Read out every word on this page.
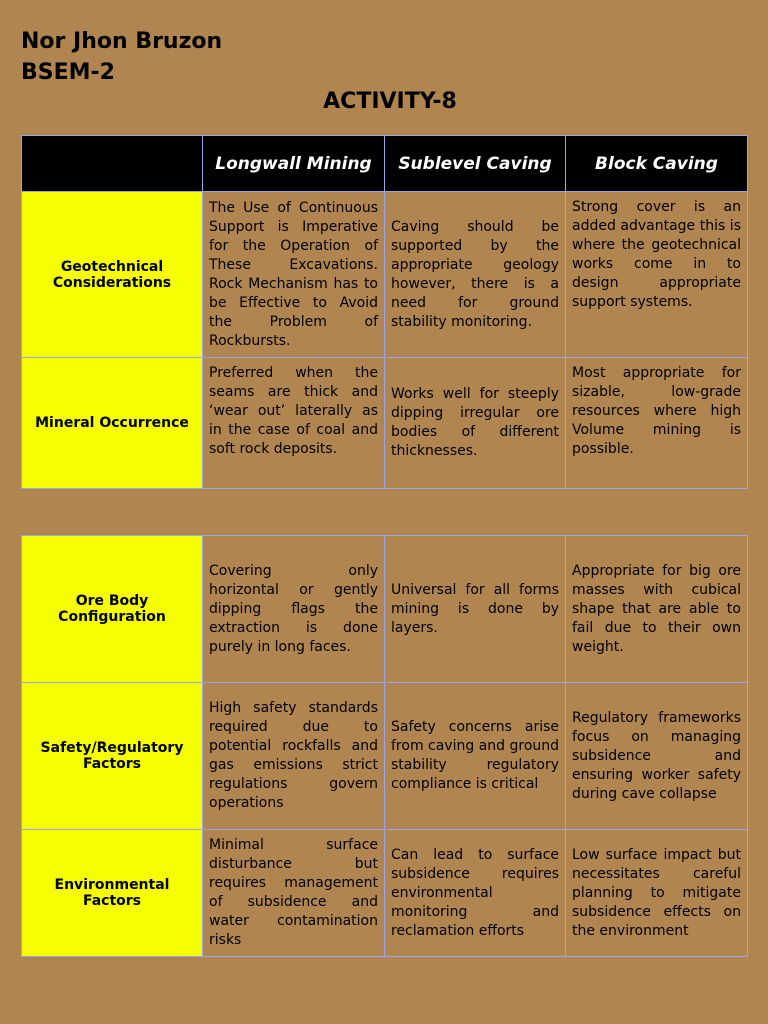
Nor Jhon Bruzon
BSEM-2
ACTIVITY-8
	Longwall Mining	Sublevel Caving	Block Caving
Geotechnical Considerations	The Use of Continuous Support is Imperative for the Operation of These Excavations. Rock Mechanism has to be Effective to Avoid the Problem of Rockbursts.	Caving should be supported by the appropriate geology however, there is a need for ground stability monitoring.	Strong cover is an added advantage this is where the geotechnical works come in to design appropriate support systems.
Mineral Occurrence	Preferred when the seams are thick and ‘wear out’ laterally as in the case of coal and soft rock deposits.	Works well for steeply dipping irregular ore bodies of different thicknesses.	Most appropriate for sizable, low-grade resources where high Volume mining is possible.
Ore Body Configuration	Covering only horizontal or gently dipping flags the extraction is done purely in long faces.	Universal for all forms mining is done by layers.	Appropriate for big ore masses with cubical shape that are able to fail due to their own weight.
Safety/Regulatory Factors	High safety standards required due to potential rockfalls and gas emissions strict regulations govern operations	Safety concerns arise from caving and ground stability regulatory compliance is critical	Regulatory frameworks focus on managing subsidence and ensuring worker safety during cave collapse
Environmental Factors	Minimal surface disturbance but requires management of subsidence and water contamination risks	Can lead to surface subsidence requires environmental monitoring and reclamation efforts	Low surface impact but necessitates careful planning to mitigate subsidence effects on the environment
